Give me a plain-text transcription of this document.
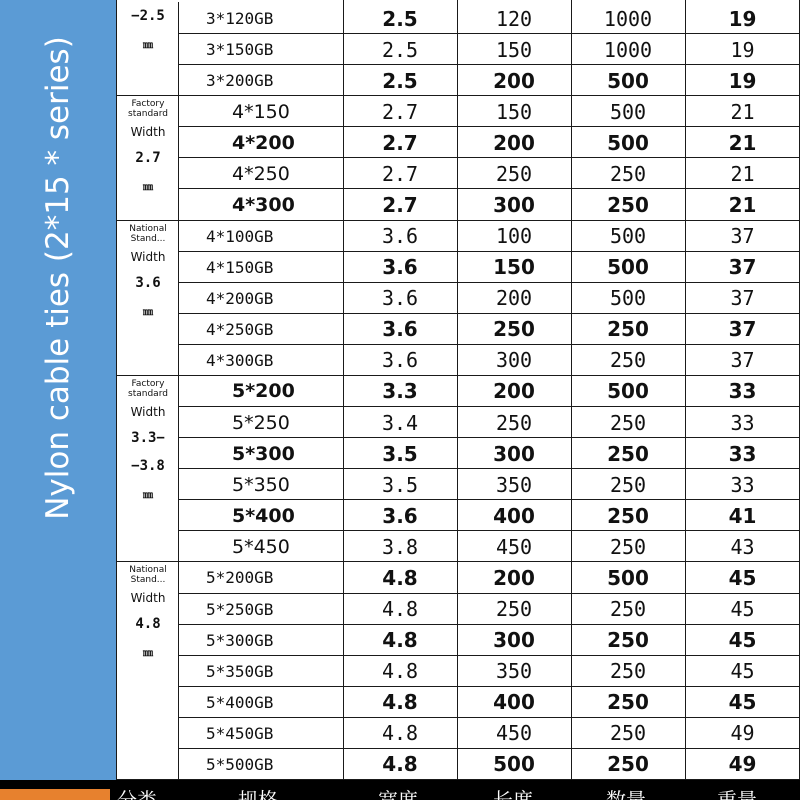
Nylon cable ties (2*15 * series)
−2.5
㎜
Factory
standard
Width
2.7
㎜
National
Stand...
Width
3.6
㎜
Factory
standard
Width
3.3−
−3.8
㎜
National
Stand...
Width
4.8
㎜
3*120GB	2.5	120	1000	19
3*150GB	2.5	150	1000	19
3*200GB	2.5	200	500	19
4*150	2.7	150	500	21
4*200	2.7	200	500	21
4*250	2.7	250	250	21
4*300	2.7	300	250	21
4*100GB	3.6	100	500	37
4*150GB	3.6	150	500	37
4*200GB	3.6	200	500	37
4*250GB	3.6	250	250	37
4*300GB	3.6	300	250	37
5*200	3.3	200	500	33
5*250	3.4	250	250	33
5*300	3.5	300	250	33
5*350	3.5	350	250	33
5*400	3.6	400	250	41
5*450	3.8	450	250	43
5*200GB	4.8	200	500	45
5*250GB	4.8	250	250	45
5*300GB	4.8	300	250	45
5*350GB	4.8	350	250	45
5*400GB	4.8	400	250	45
5*450GB	4.8	450	250	49
5*500GB	4.8	500	250	49
分类	规格	宽度	长度	数量	重量
